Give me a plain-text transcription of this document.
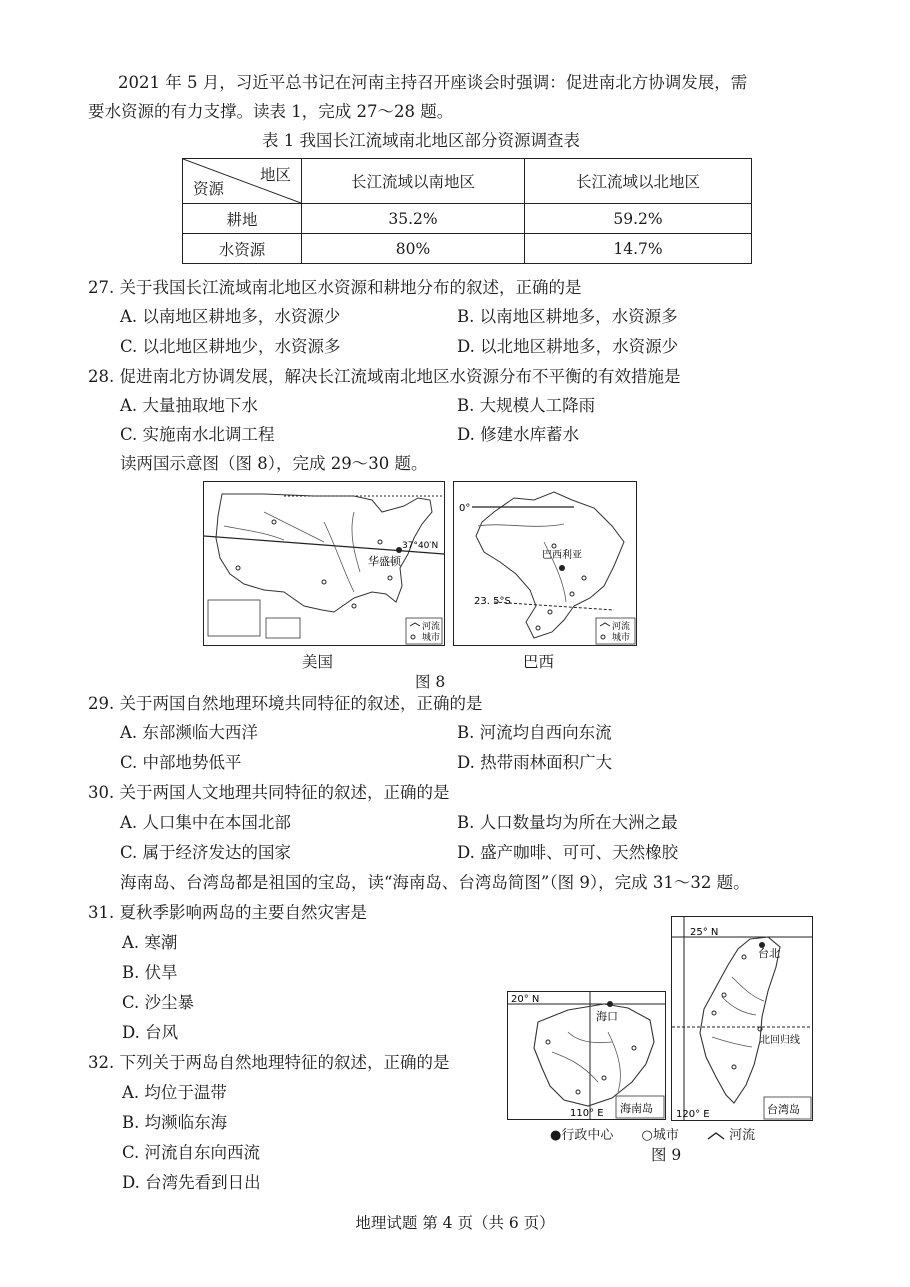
2021 年 5 月，习近平总书记在河南主持召开座谈会时强调：促进南北方协调发展，需
要水资源的有力支撑。读表 1，完成 27～28 题。
表 1 我国长江流域南北地区部分资源调查表
地区
资源	长江流域以南地区	长江流域以北地区
耕地	35.2%	59.2%
水资源	80%	14.7%
27. 关于我国长江流域南北地区水资源和耕地分布的叙述，正确的是
A. 以南地区耕地多，水资源少	B. 以南地区耕地多，水资源多
C. 以北地区耕地少，水资源多	D. 以北地区耕地多，水资源少
28. 促进南北方协调发展，解决长江流域南北地区水资源分布不平衡的有效措施是
A. 大量抽取地下水	B. 大规模人工降雨
C. 实施南水北调工程	D. 修建水库蓄水
读两国示意图（图 8），完成 29～30 题。
河流
城市
37°40′N
华盛顿
河流
城市
0°
巴西利亚
23. 5°S
美国	巴西
图 8
29. 关于两国自然地理环境共同特征的叙述，正确的是
A. 东部濒临大西洋	B. 河流均自西向东流
C. 中部地势低平	D. 热带雨林面积广大
30. 关于两国人文地理共同特征的叙述，正确的是
A. 人口集中在本国北部	B. 人口数量均为所在大洲之最
C. 属于经济发达的国家	D. 盛产咖啡、可可、天然橡胶
海南岛、台湾岛都是祖国的宝岛，读“海南岛、台湾岛简图”（图 9），完成 31～32 题。
31. 夏秋季影响两岛的主要自然灾害是
A. 寒潮
B. 伏旱
C. 沙尘暴
D. 台风
32. 下列关于两岛自然地理特征的叙述，正确的是
A. 均位于温带
B. 均濒临东海
C. 河流自东向西流
D. 台湾先看到日出
20° N
海口
110° E 海南岛
25° N
台北
北回归线
120° E	台湾岛
●行政中心 ○城市	河流
图 9
地理试题 第 4 页（共 6 页）
